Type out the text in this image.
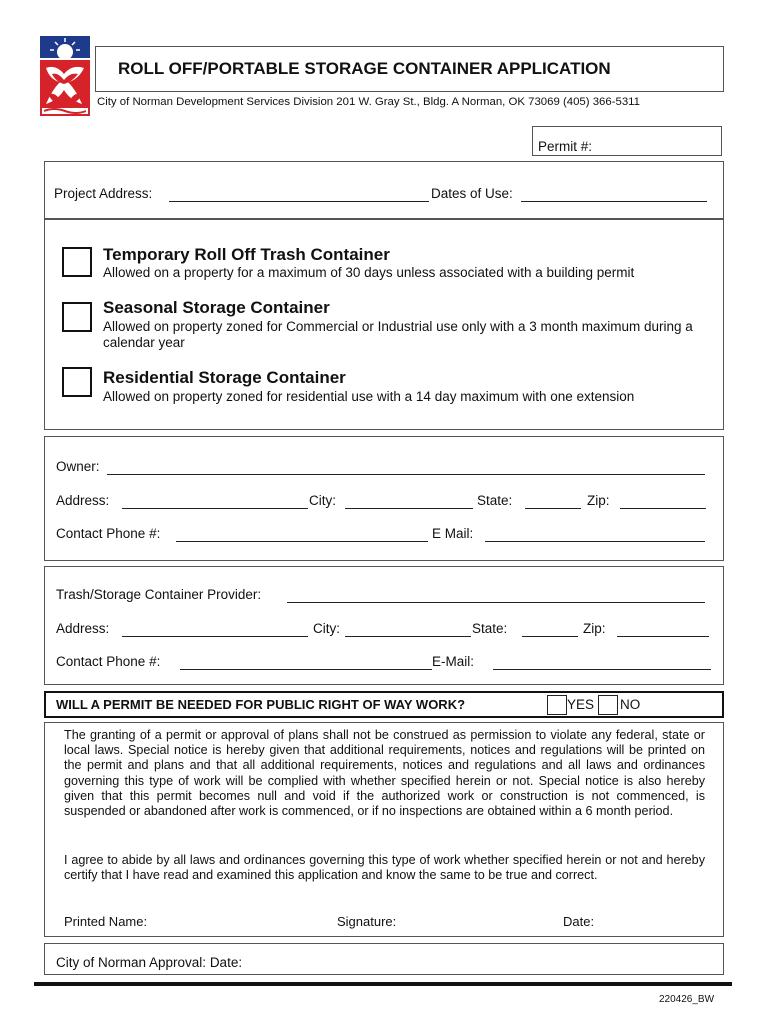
ROLL OFF/PORTABLE STORAGE CONTAINER APPLICATION
City of Norman Development Services Division 201 W. Gray St., Bldg. A Norman, OK 73069 (405) 366-5311
Permit #:
Project Address:	Dates of Use:
Temporary Roll Off Trash Container
Allowed on a property for a maximum of 30 days unless associated with a building permit
Seasonal Storage Container
Allowed on property zoned for Commercial or Industrial use only with a 3 month maximum during a calendar year
Residential Storage Container
Allowed on property zoned for residential use with a 14 day maximum with one extension
Owner:
Address:	City:	State:	Zip:
Contact Phone #:	E Mail:
Trash/Storage Container Provider:
Address:	City:	State:	Zip:
Contact Phone #:	E-Mail:
WILL A PERMIT BE NEEDED FOR PUBLIC RIGHT OF WAY WORK?	YES NO
The granting of a permit or approval of plans shall not be construed as permission to violate any federal, state or local laws. Special notice is hereby given that additional requirements, notices and regulations will be printed on the permit and plans and that all additional requirements, notices and regulations and all laws and ordinances governing this type of work will be complied with whether specified herein or not. Special notice is also hereby given that this permit becomes null and void if the authorized work or construction is not commenced, is suspended or abandoned after work is commenced, or if no inspections are obtained within a 6 month period.
I agree to abide by all laws and ordinances governing this type of work whether specified herein or not and hereby certify that I have read and examined this application and know the same to be true and correct.
Printed Name:	Signature:	Date:
City of Norman Approval: Date:
220426_BW
